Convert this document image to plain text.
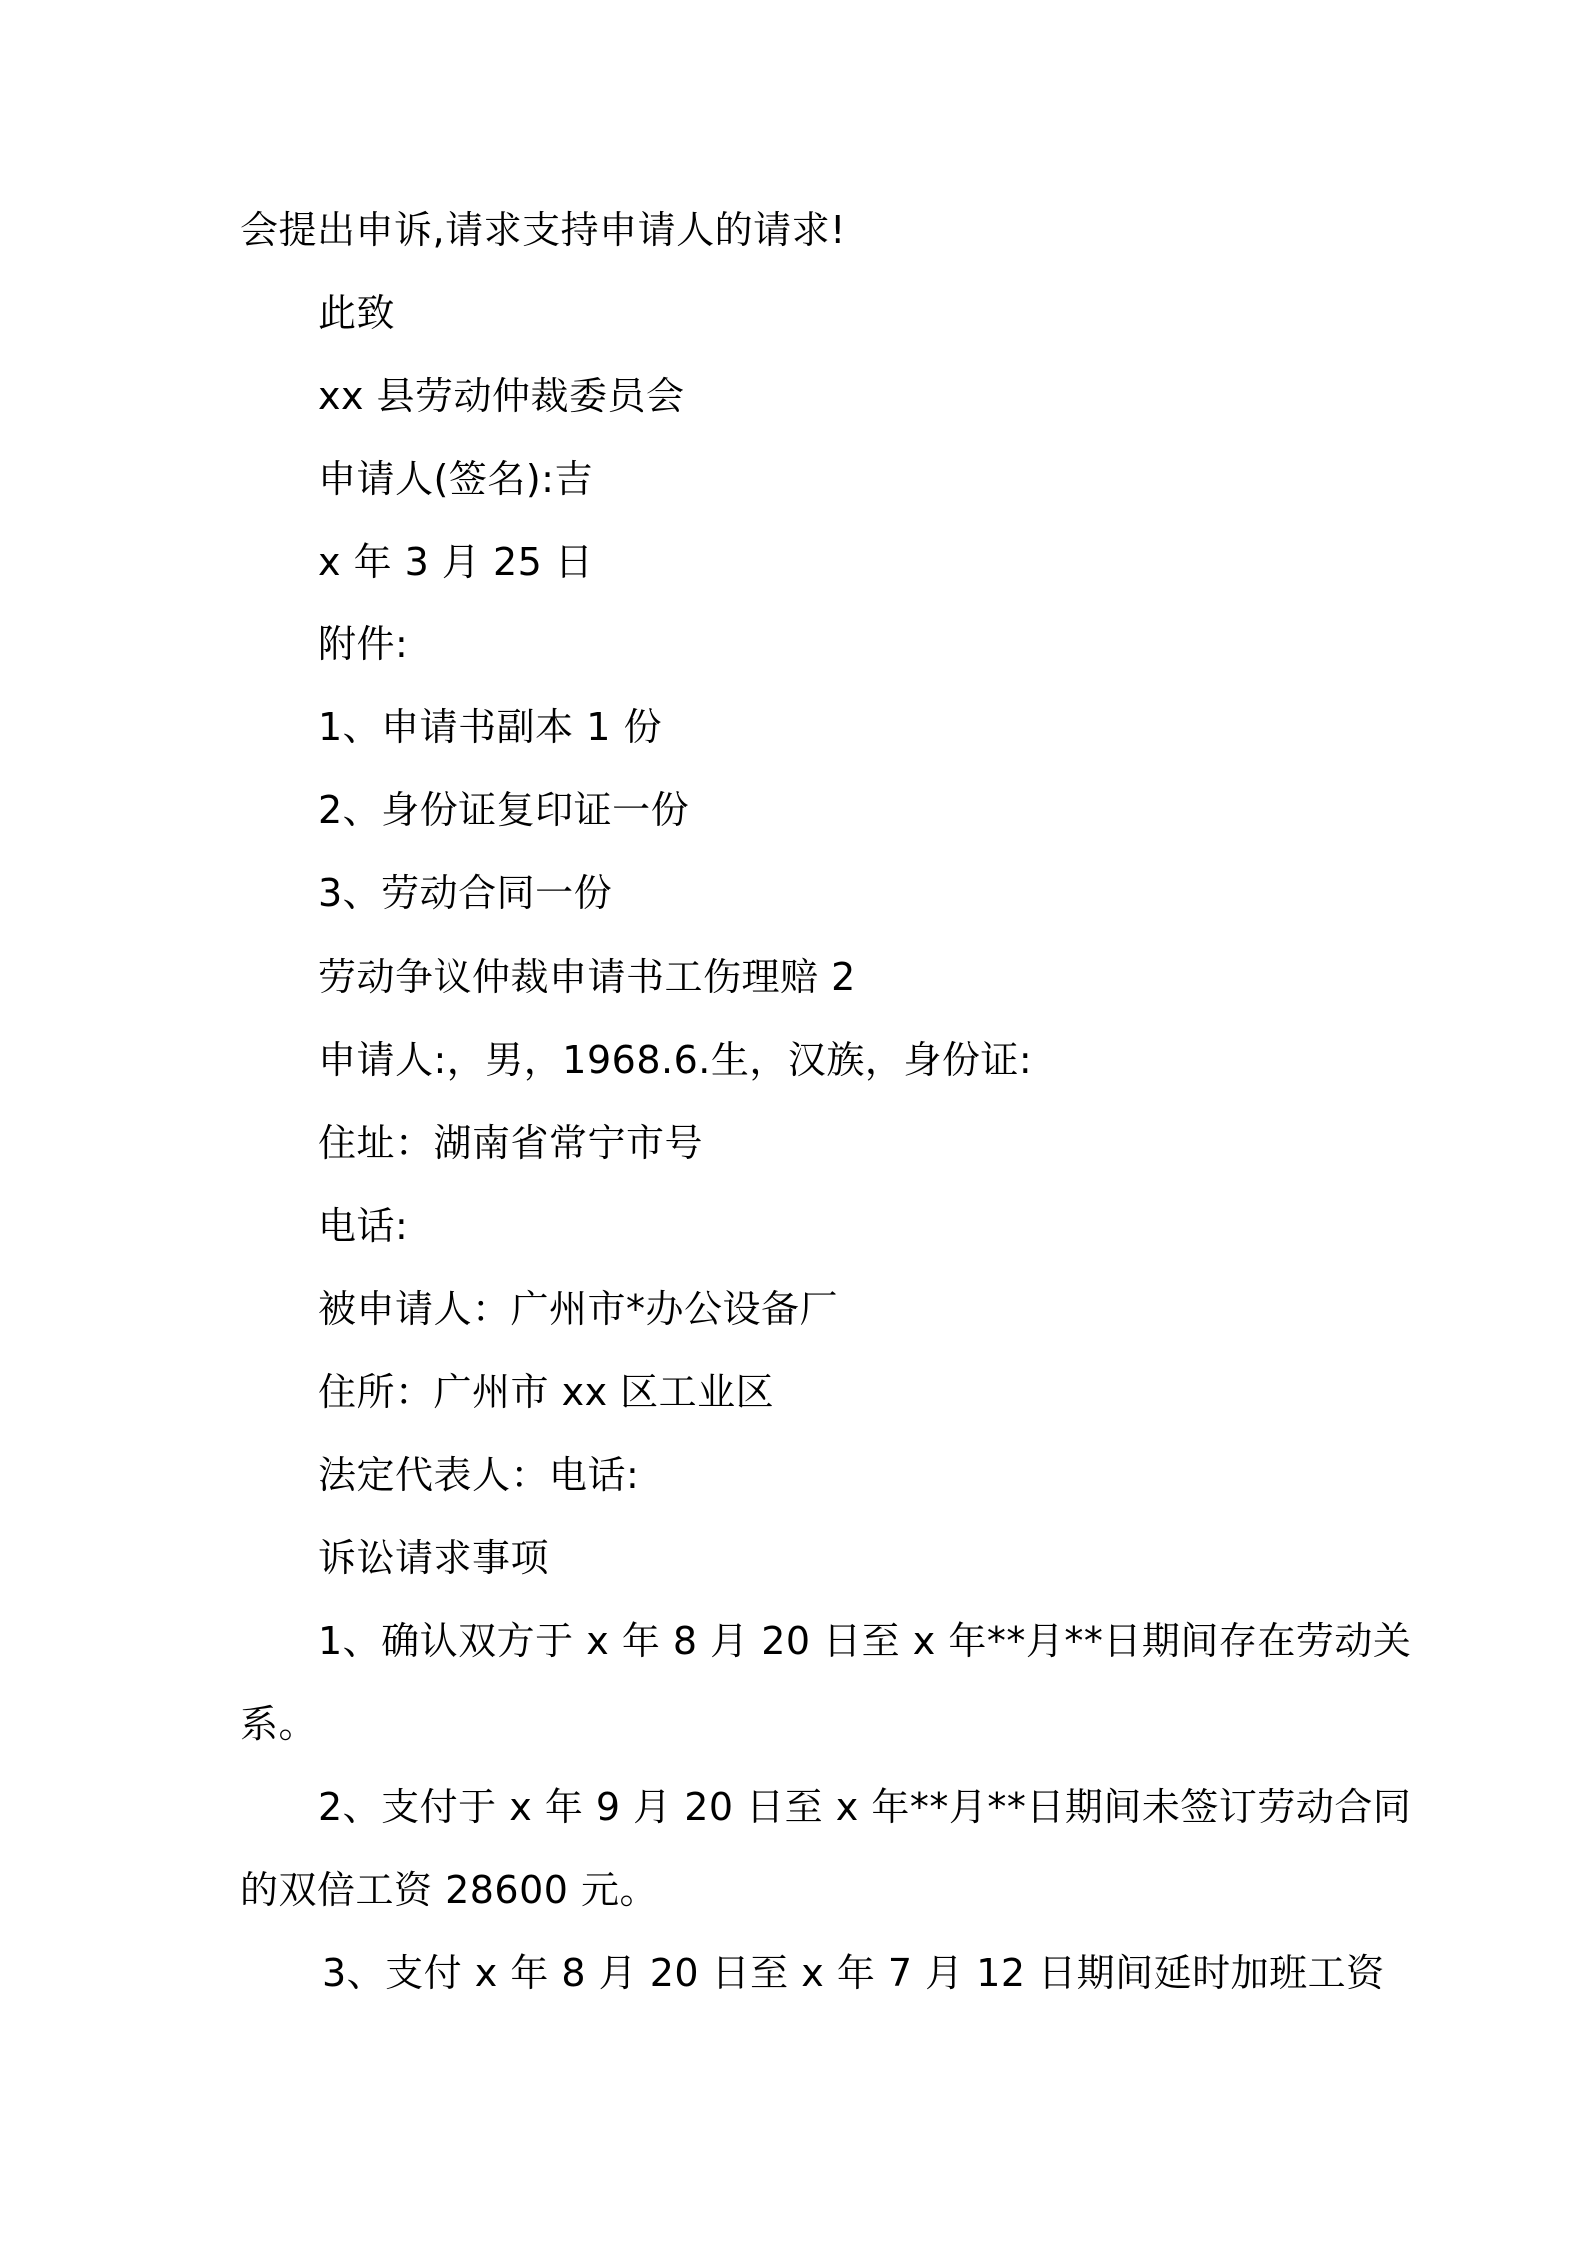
会提出申诉,请求支持申请人的请求!
此致
xx 县劳动仲裁委员会
申请人(签名):吉
x 年 3 月 25 日
附件:
1、申请书副本 1 份
2、身份证复印证一份
3、劳动合同一份
劳动争议仲裁申请书工伤理赔 2
申请人:，男，1968.6.生，汉族，身份证:
住址：湖南省常宁市号
电话:
被申请人：广州市*办公设备厂
住所：广州市 xx 区工业区
法定代表人：电话:
诉讼请求事项
1、确认双方于 x 年 8 月 20 日至 x 年**月**日期间存在劳动关
系。
2、支付于 x 年 9 月 20 日至 x 年**月**日期间未签订劳动合同
的双倍工资 28600 元。
3、支付 x 年 8 月 20 日至 x 年 7 月 12 日期间延时加班工资
